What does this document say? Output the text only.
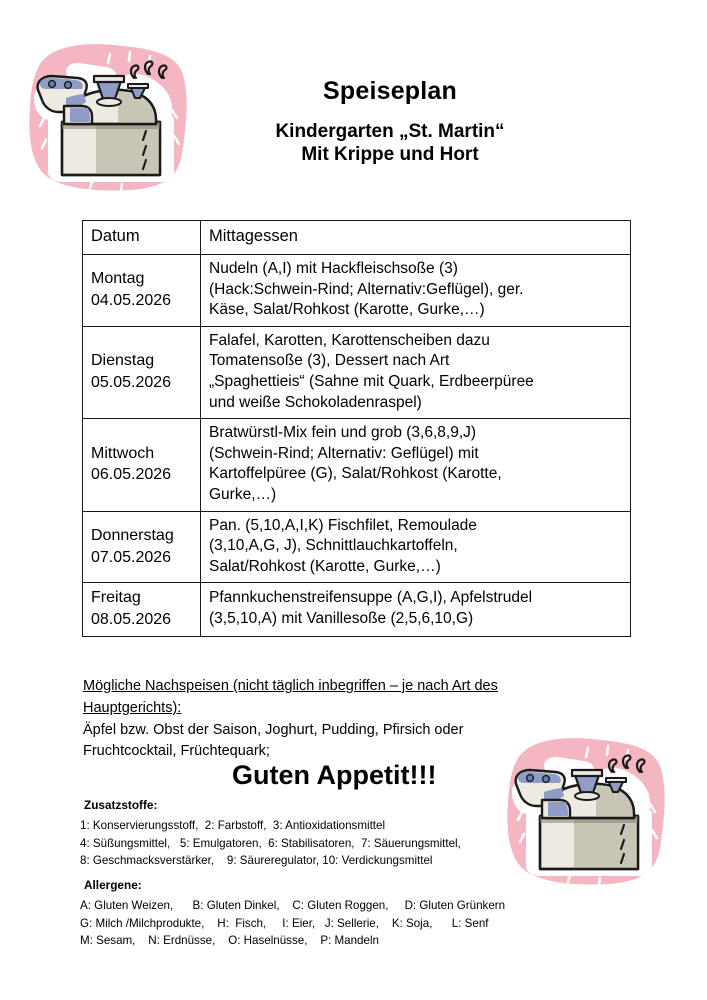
Speiseplan
Kindergarten „St. Martin“
Mit Krippe und Hort
Datum	Mittagessen

Montag
04.05.2026	Nudeln (A,I) mit Hackfleischsoße (3)
(Hack:Schwein-Rind; Alternativ:Geflügel), ger.
Käse, Salat/Rohkost (Karotte, Gurke,…)

Dienstag
05.05.2026	Falafel, Karotten, Karottenscheiben dazu
Tomatensoße (3), Dessert nach Art
„Spaghettieis“ (Sahne mit Quark, Erdbeerpüree
und weiße Schokoladenraspel)

Mittwoch
06.05.2026	Bratwürstl-Mix fein und grob (3,6,8,9,J)
(Schwein-Rind; Alternativ: Geflügel) mit
Kartoffelpüree (G), Salat/Rohkost (Karotte,
Gurke,…)

Donnerstag
07.05.2026	Pan. (5,10,A,I,K) Fischfilet, Remoulade
(3,10,A,G, J), Schnittlauchkartoffeln,
Salat/Rohkost (Karotte, Gurke,…)

Freitag
08.05.2026	Pfannkuchenstreifensuppe (A,G,I), Apfelstrudel
(3,5,10,A) mit Vanillesoße (2,5,6,10,G)
Mögliche Nachspeisen (nicht täglich inbegriffen – je nach Art des
Hauptgerichts):
Äpfel bzw. Obst der Saison, Joghurt, Pudding, Pfirsich oder
Fruchtcocktail, Früchtequark;
Guten Appetit!!!
Zusatzstoffe:
1: Konservierungsstoff,  2: Farbstoff,  3: Antioxidationsmittel
4: Süßungsmittel,   5: Emulgatoren,  6: Stabilisatoren,  7: Säuerungsmittel,
8: Geschmacksverstärker,    9: Säureregulator, 10: Verdickungsmittel
Allergene:
A: Gluten Weizen,      B: Gluten Dinkel,    C: Gluten Roggen,     D: Gluten Grünkern
G: Milch /Milchprodukte,    H:  Fisch,     I: Eier,   J: Sellerie,    K: Soja,      L: Senf
M: Sesam,    N: Erdnüsse,    O: Haselnüsse,    P: Mandeln
